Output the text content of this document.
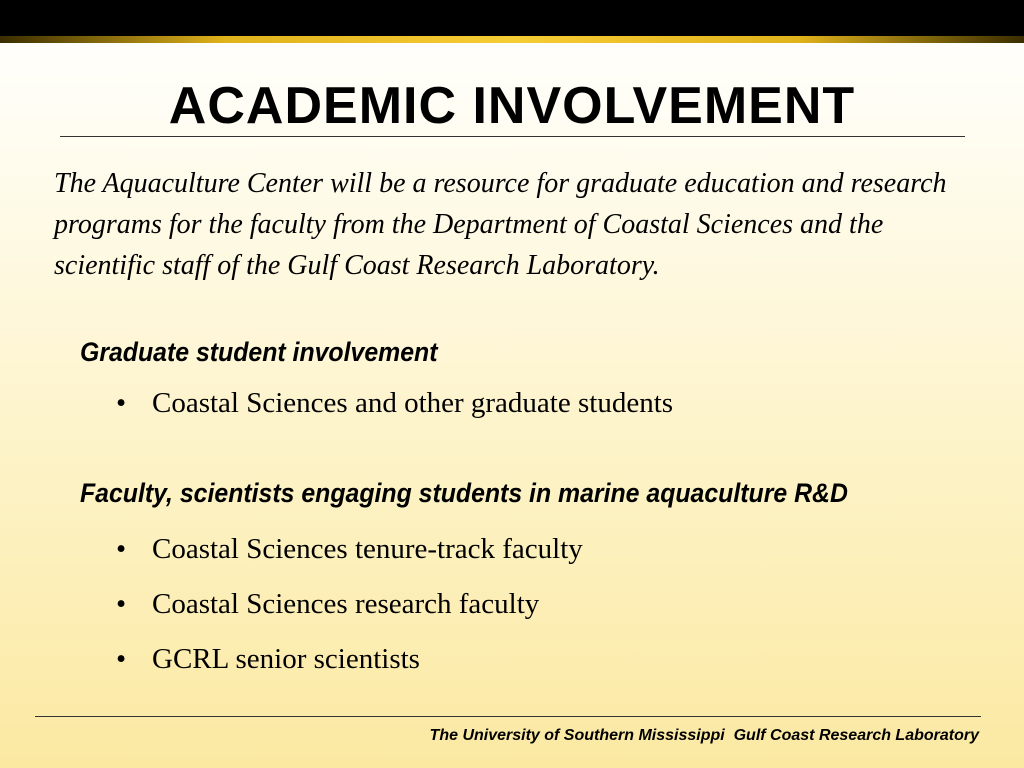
ACADEMIC INVOLVEMENT

The Aquaculture Center will be a resource for graduate education and research programs for the faculty from the Department of Coastal Sciences and the scientific staff of the Gulf Coast Research Laboratory.

Graduate student involvement
• Coastal Sciences and other graduate students
Faculty, scientists engaging students in marine aquaculture R&D
• Coastal Sciences tenure-track faculty
• Coastal Sciences research faculty
• GCRL senior scientists
The University of Southern Mississippi  Gulf Coast Research Laboratory
